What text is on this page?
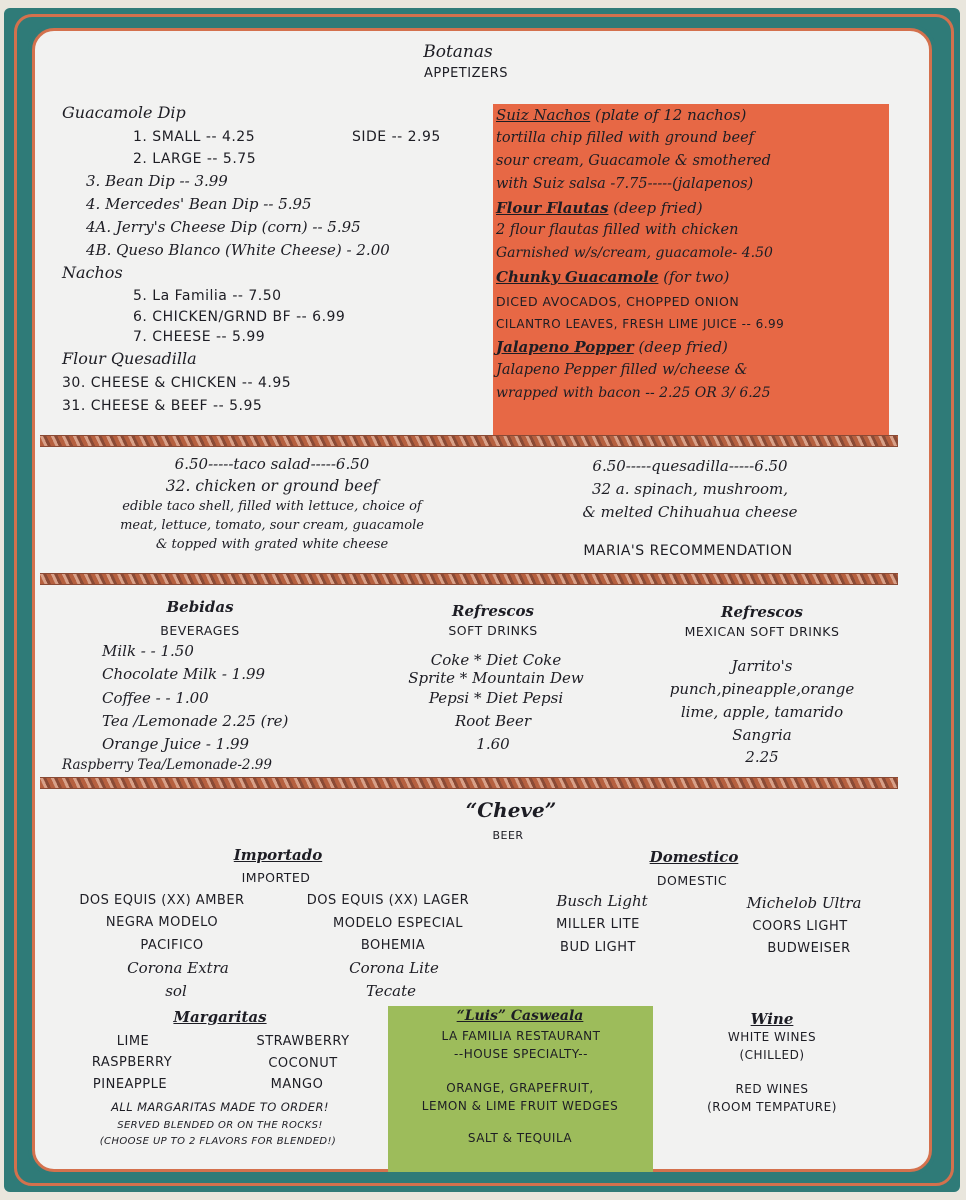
Botanas
APPETIZERS
Guacamole Dip
1. SMALL -- 4.25	SIDE -- 2.95
2. LARGE -- 5.75
3. Bean Dip -- 3.99
4. Mercedes' Bean Dip -- 5.95
4A. Jerry's Cheese Dip (corn) -- 5.95
4B. Queso Blanco (White Cheese) - 2.00
Nachos
5. La Familia -- 7.50
6. CHICKEN/GRND BF -- 6.99
7. CHEESE -- 5.99
Flour Quesadilla
30. CHEESE & CHICKEN -- 4.95
31. CHEESE & BEEF -- 5.95
Suiz Nachos (plate of 12 nachos)
tortilla chip filled with ground beef
sour cream, Guacamole & smothered
with Suiz salsa -7.75-----(jalapenos)
Flour Flautas (deep fried)
2 flour flautas filled with chicken
Garnished w/s/cream, guacamole- 4.50
Chunky Guacamole (for two)
DICED AVOCADOS, CHOPPED ONION
CILANTRO LEAVES, FRESH LIME JUICE -- 6.99
Jalapeno Popper (deep fried)
Jalapeno Pepper filled w/cheese &
wrapped with bacon -- 2.25 OR 3/ 6.25
6.50-----taco salad-----6.50
32. chicken or ground beef
edible taco shell, filled with lettuce, choice of
meat, lettuce, tomato, sour cream, guacamole
& topped with grated white cheese
6.50-----quesadilla-----6.50
32 a. spinach, mushroom,
& melted Chihuahua cheese
MARIA'S RECOMMENDATION
Bebidas
BEVERAGES
Milk - - 1.50
Chocolate Milk - 1.99
Coffee - - 1.00
Tea /Lemonade 2.25 (re)
Orange Juice - 1.99
Raspberry Tea/Lemonade-2.99
Refrescos
SOFT DRINKS
Coke * Diet Coke
Sprite * Mountain Dew
Pepsi * Diet Pepsi
Root Beer
1.60
Refrescos
MEXICAN SOFT DRINKS
Jarrito's
punch,pineapple,orange
lime, apple, tamarido
Sangria
2.25
“Cheve”
BEER
Importado
IMPORTED
DOS EQUIS (XX) AMBER
NEGRA MODELO
PACIFICO
Corona Extra
sol
DOS EQUIS (XX) LAGER
MODELO ESPECIAL
BOHEMIA
Corona Lite
Tecate
Domestico
DOMESTIC
Busch Light
MILLER LITE
BUD LIGHT
Michelob Ultra
COORS LIGHT
BUDWEISER
Margaritas
LIME
RASPBERRY
PINEAPPLE
STRAWBERRY
COCONUT
MANGO
ALL MARGARITAS MADE TO ORDER!
SERVED BLENDED OR ON THE ROCKS!
(CHOOSE UP TO 2 FLAVORS FOR BLENDED!)
“Luis” Casweala
LA FAMILIA RESTAURANT
--HOUSE SPECIALTY--
ORANGE, GRAPEFRUIT,
LEMON & LIME FRUIT WEDGES
SALT & TEQUILA
Wine
WHITE WINES
(CHILLED)
RED WINES
(ROOM TEMPATURE)
